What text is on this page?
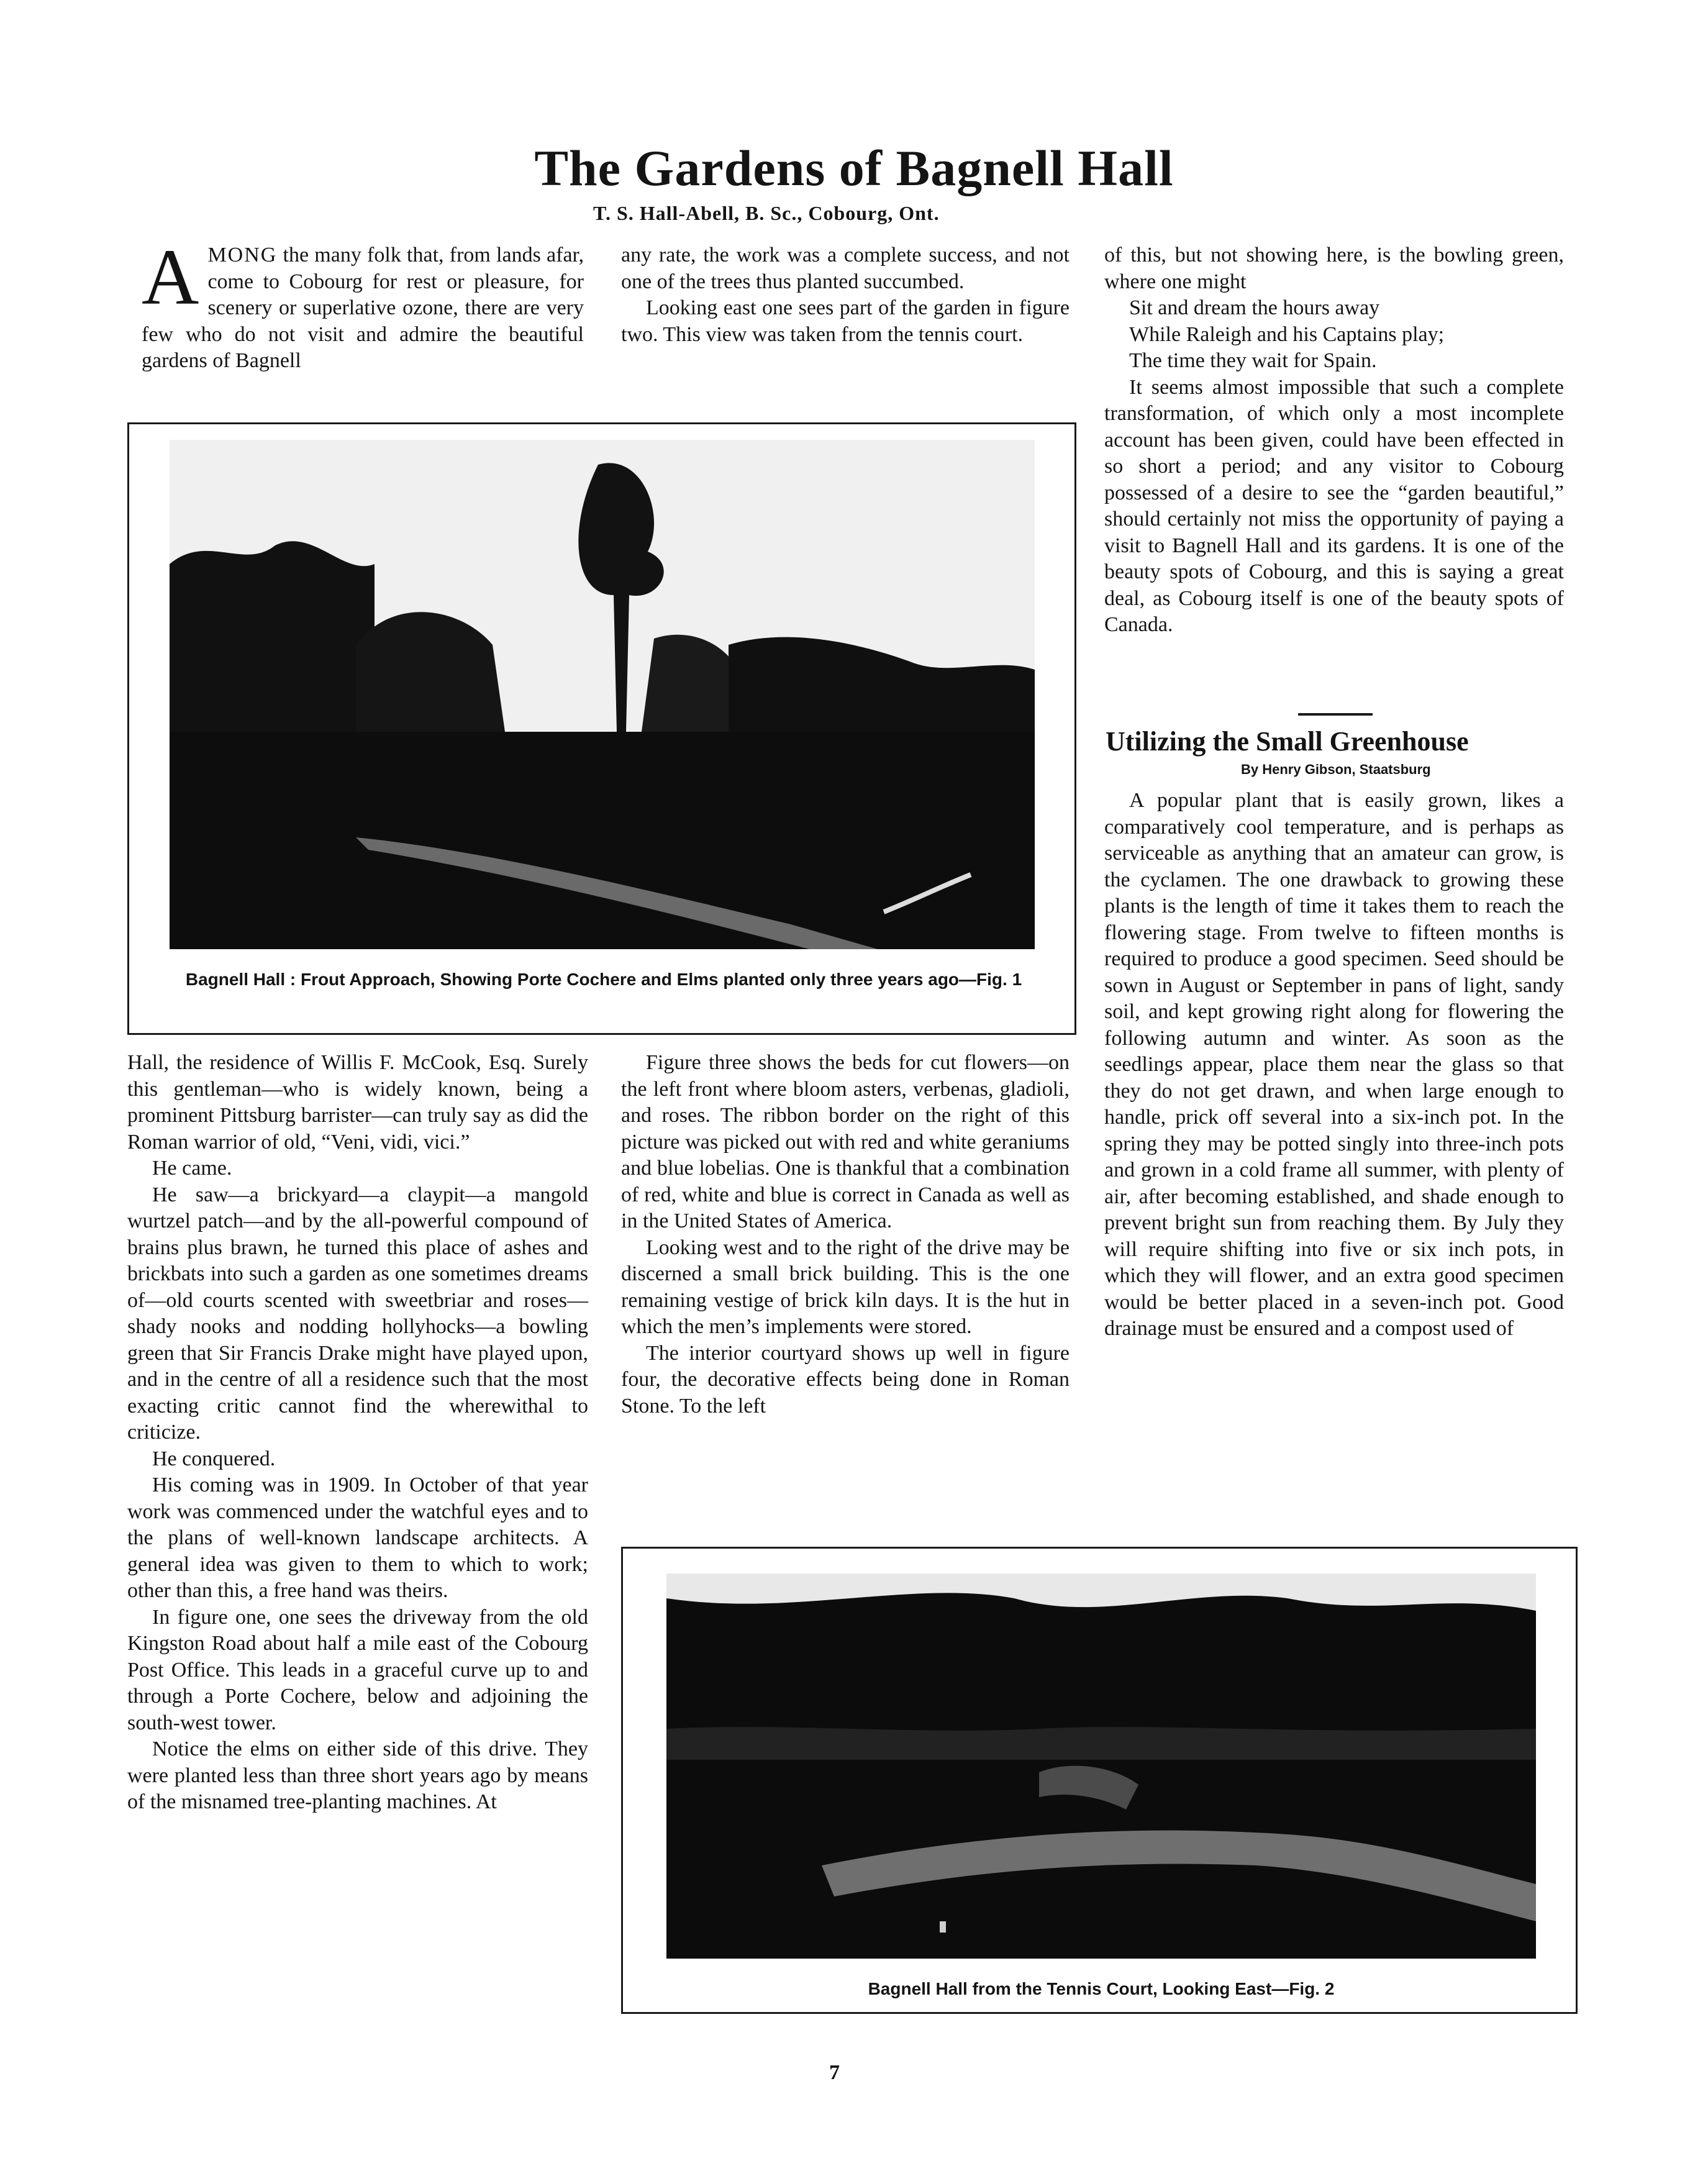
The Gardens of Bagnell Hall
T. S. Hall-Abell, B. Sc., Cobourg, Ont.

AMONG the many folk that, from lands afar, come to Cobourg for rest or pleasure, for scenery or superlative ozone, there are very few who do not visit and admire the beautiful gardens of Bagnell

any rate, the work was a complete success, and not one of the trees thus planted succumbed.

Looking east one sees part of the garden in figure two. This view was taken from the tennis court.

of this, but not showing here, is the bowling green, where one might

Sit and dream the hours away

While Raleigh and his Captains play;

The time they wait for Spain.

It seems almost impossible that such a complete transformation, of which only a most incomplete account has been given, could have been effected in so short a period; and any visitor to Cobourg possessed of a desire to see the “garden beautiful,” should certainly not miss the opportunity of paying a visit to Bagnell Hall and its gardens. It is one of the beauty spots of Cobourg, and this is saying a great deal, as Cobourg itself is one of the beauty spots of Canada.

Utilizing the Small Greenhouse
By Henry Gibson, Staatsburg

A popular plant that is easily grown, likes a comparatively cool temperature, and is perhaps as serviceable as anything that an amateur can grow, is the cyclamen. The one drawback to growing these plants is the length of time it takes them to reach the flowering stage. From twelve to fifteen months is required to produce a good specimen. Seed should be sown in August or September in pans of light, sandy soil, and kept growing right along for flowering the following autumn and winter. As soon as the seedlings appear, place them near the glass so that they do not get drawn, and when large enough to handle, prick off several into a six-inch pot. In the spring they may be potted singly into three-inch pots and grown in a cold frame all summer, with plenty of air, after becoming established, and shade enough to prevent bright sun from reaching them. By July they will require shifting into five or six inch pots, in which they will flower, and an extra good specimen would be better placed in a seven-inch pot. Good drainage must be ensured and a compost used of

Bagnell Hall : Frout Approach, Showing Porte Cochere and Elms planted only three years ago—Fig. 1

Hall, the residence of Willis F. McCook, Esq. Surely this gentleman—who is widely known, being a prominent Pittsburg barrister—can truly say as did the Roman warrior of old, “Veni, vidi, vici.”

He came.

He saw—a brickyard—a claypit—a mangold wurtzel patch—and by the all-powerful compound of brains plus brawn, he turned this place of ashes and brickbats into such a garden as one sometimes dreams of—old courts scented with sweetbriar and roses—shady nooks and nodding hollyhocks—a bowling green that Sir Francis Drake might have played upon, and in the centre of all a residence such that the most exacting critic cannot find the wherewithal to criticize.

He conquered.

His coming was in 1909. In October of that year work was commenced under the watchful eyes and to the plans of well-known landscape architects. A general idea was given to them to which to work; other than this, a free hand was theirs.

In figure one, one sees the driveway from the old Kingston Road about half a mile east of the Cobourg Post Office. This leads in a graceful curve up to and through a Porte Cochere, below and adjoining the south-west tower.

Notice the elms on either side of this drive. They were planted less than three short years ago by means of the misnamed tree-planting machines. At

Figure three shows the beds for cut flowers—on the left front where bloom asters, verbenas, gladioli, and roses. The ribbon border on the right of this picture was picked out with red and white geraniums and blue lobelias. One is thankful that a combination of red, white and blue is correct in Canada as well as in the United States of America.

Looking west and to the right of the drive may be discerned a small brick building. This is the one remaining vestige of brick kiln days. It is the hut in which the men’s implements were stored.

The interior courtyard shows up well in figure four, the decorative effects being done in Roman Stone. To the left

Bagnell Hall from the Tennis Court, Looking East—Fig. 2
7
